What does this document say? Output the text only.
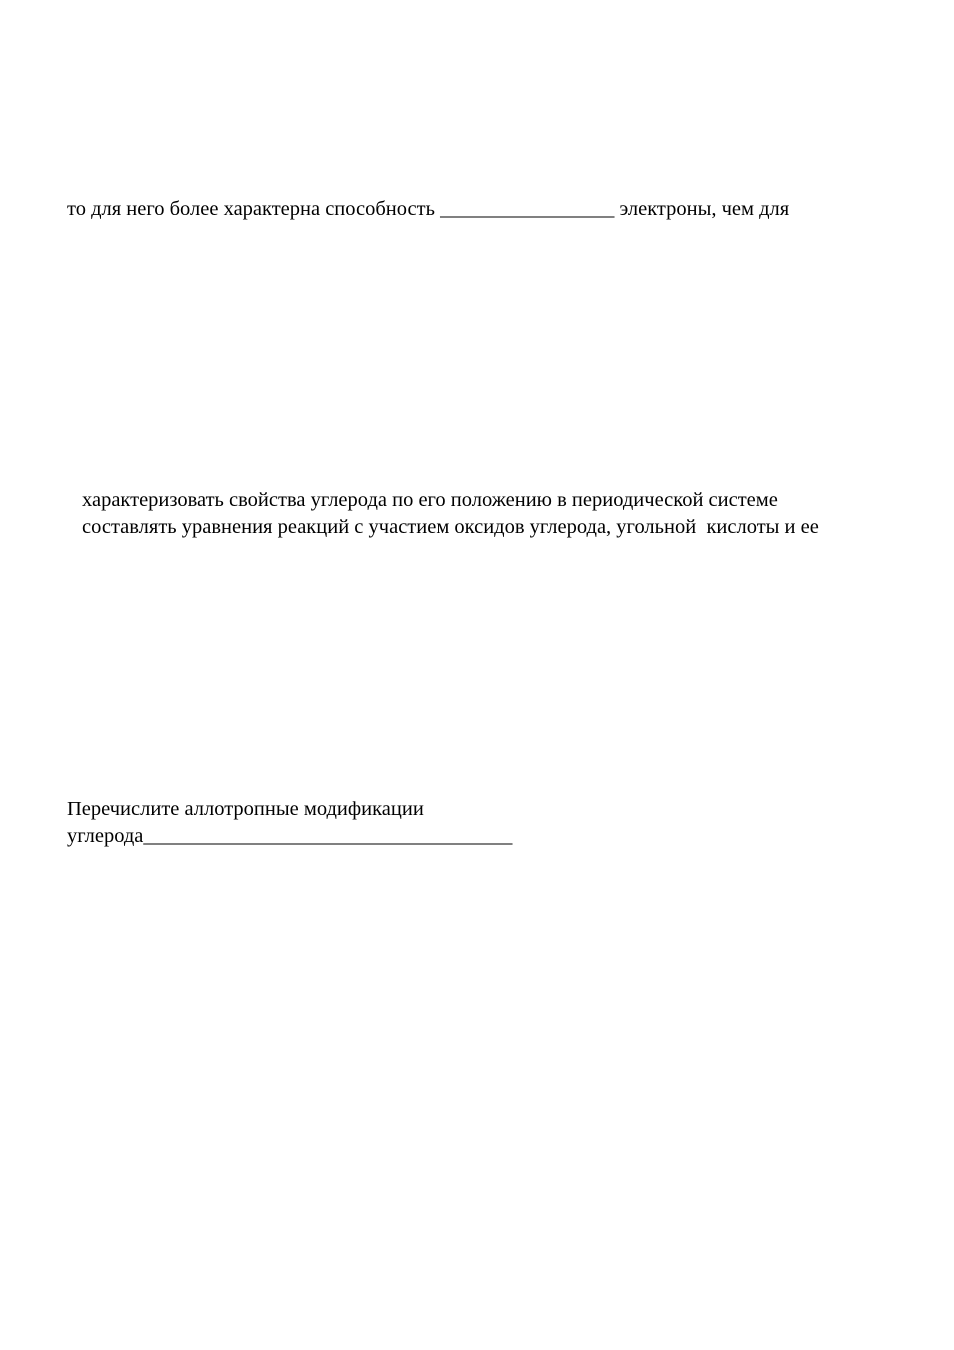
то для него более характерна способность _________________ электроны, чем для
характеризовать свойства углерода по его положению в периодической системе
составлять уравнения реакций с участием оксидов углерода, угольной  кислоты и ее
Перечислите аллотропные модификации
углерода____________________________________
